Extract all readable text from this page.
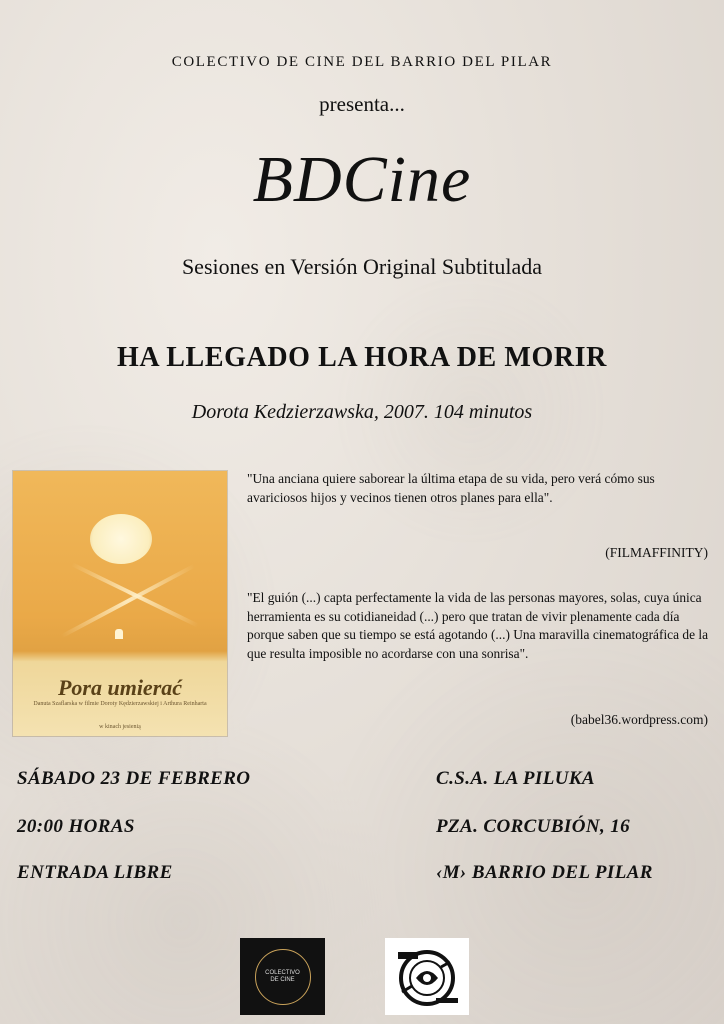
COLECTIVO DE CINE DEL BARRIO DEL PILAR
presenta...
BDCine
Sesiones en Versión Original Subtitulada
HA LLEGADO LA HORA DE MORIR
Dorota Kedzierzawska, 2007. 104 minutos
Pora umierać
Danuta Szaflarska w filmie Doroty Kędzierzawskiej i Arthura Reinharta
w kinach jesienią
"Una anciana quiere saborear la última etapa de su vida, pero verá cómo sus avariciosos hijos y vecinos tienen otros planes para ella".
(FILMAFFINITY)
"El guión (...) capta perfectamente la vida de las personas mayores, solas, cuya única herramienta es su cotidianeidad (...) pero que tratan de vivir plenamente cada día porque saben que su tiempo se está agotando (...) Una maravilla cinematográfica de la que resulta imposible no acordarse con una sonrisa".
(babel36.wordpress.com)
SÁBADO 23 DE FEBRERO
20:00 HORAS
ENTRADA LIBRE
C.S.A. LA PILUKA
PZA. CORCUBIÓN, 16
‹M› BARRIO DEL PILAR
COLECTIVO DE CINE
